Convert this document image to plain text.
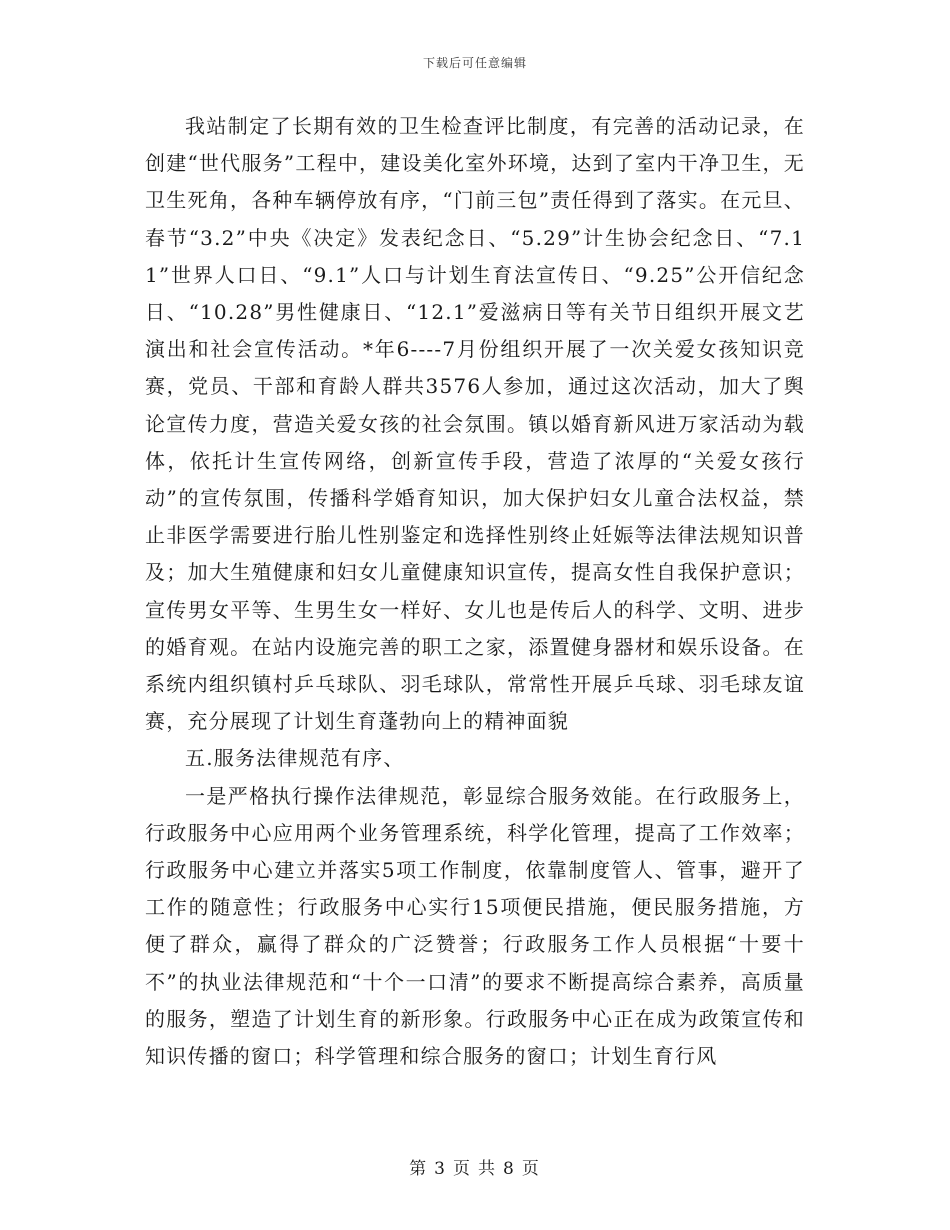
下载后可任意编辑

我站制定了长期有效的卫生检查评比制度，有完善的活动记录，在创建“世代服务”工程中，建设美化室外环境，达到了室内干净卫生，无卫生死角，各种车辆停放有序，“门前三包”责任得到了落实。在元旦、春节“3.2”中央《决定》发表纪念日、“5.29”计生协会纪念日、“7.11”世界人口日、“9.1”人口与计划生育法宣传日、“9.25”公开信纪念日、“10.28”男性健康日、“12.1”爱滋病日等有关节日组织开展文艺演出和社会宣传活动。*年6----7月份组织开展了一次关爱女孩知识竞赛，党员、干部和育龄人群共3576人参加，通过这次活动，加大了舆论宣传力度，营造关爱女孩的社会氛围。镇以婚育新风进万家活动为载体，依托计生宣传网络，创新宣传手段，营造了浓厚的“关爱女孩行动”的宣传氛围，传播科学婚育知识，加大保护妇女儿童合法权益，禁止非医学需要进行胎儿性别鉴定和选择性别终止妊娠等法律法规知识普及；加大生殖健康和妇女儿童健康知识宣传，提高女性自我保护意识；宣传男女平等、生男生女一样好、女儿也是传后人的科学、文明、进步的婚育观。在站内设施完善的职工之家，添置健身器材和娱乐设备。在系统内组织镇村乒乓球队、羽毛球队，常常性开展乒乓球、羽毛球友谊赛，充分展现了计划生育蓬勃向上的精神面貌

五.服务法律规范有序、

一是严格执行操作法律规范，彰显综合服务效能。在行政服务上，行政服务中心应用两个业务管理系统，科学化管理，提高了工作效率；行政服务中心建立并落实5项工作制度，依靠制度管人、管事，避开了工作的随意性；行政服务中心实行15项便民措施，便民服务措施，方便了群众，赢得了群众的广泛赞誉；行政服务工作人员根据“十要十不”的执业法律规范和“十个一口清”的要求不断提高综合素养，高质量的服务，塑造了计划生育的新形象。行政服务中心正在成为政策宣传和知识传播的窗口；科学管理和综合服务的窗口；计划生育行风

第 3 页 共 8 页
